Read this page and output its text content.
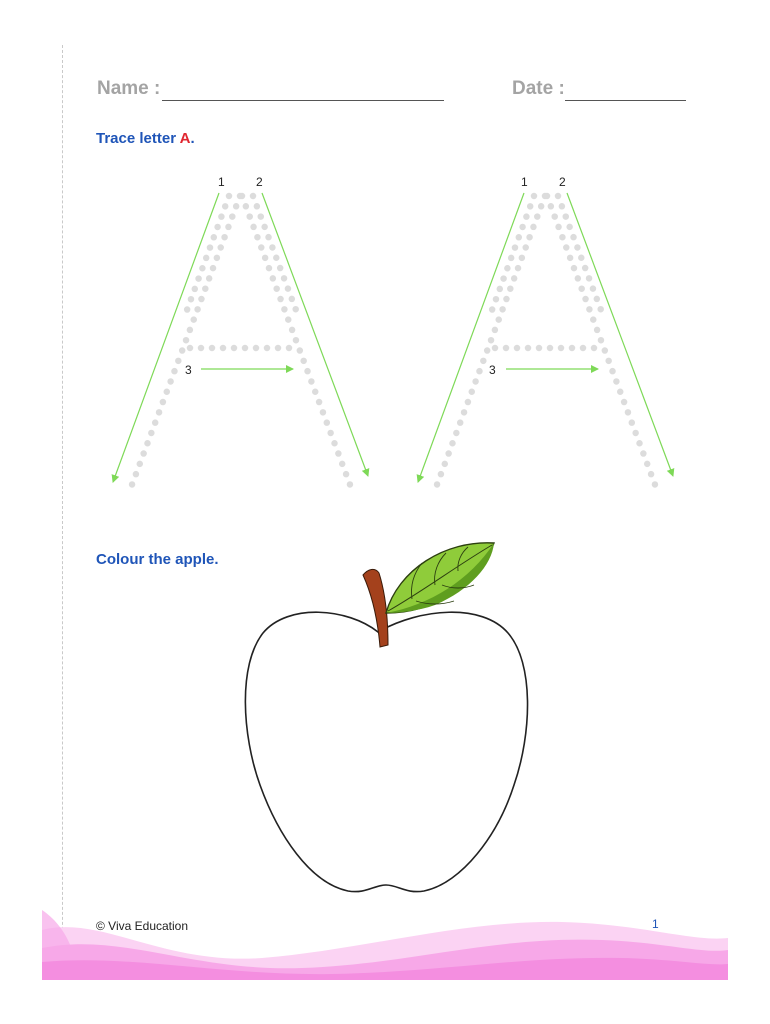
Name :	Date :
Trace letter A.
1	2
3
1	2
3
Colour the apple.
© Viva Education	1
